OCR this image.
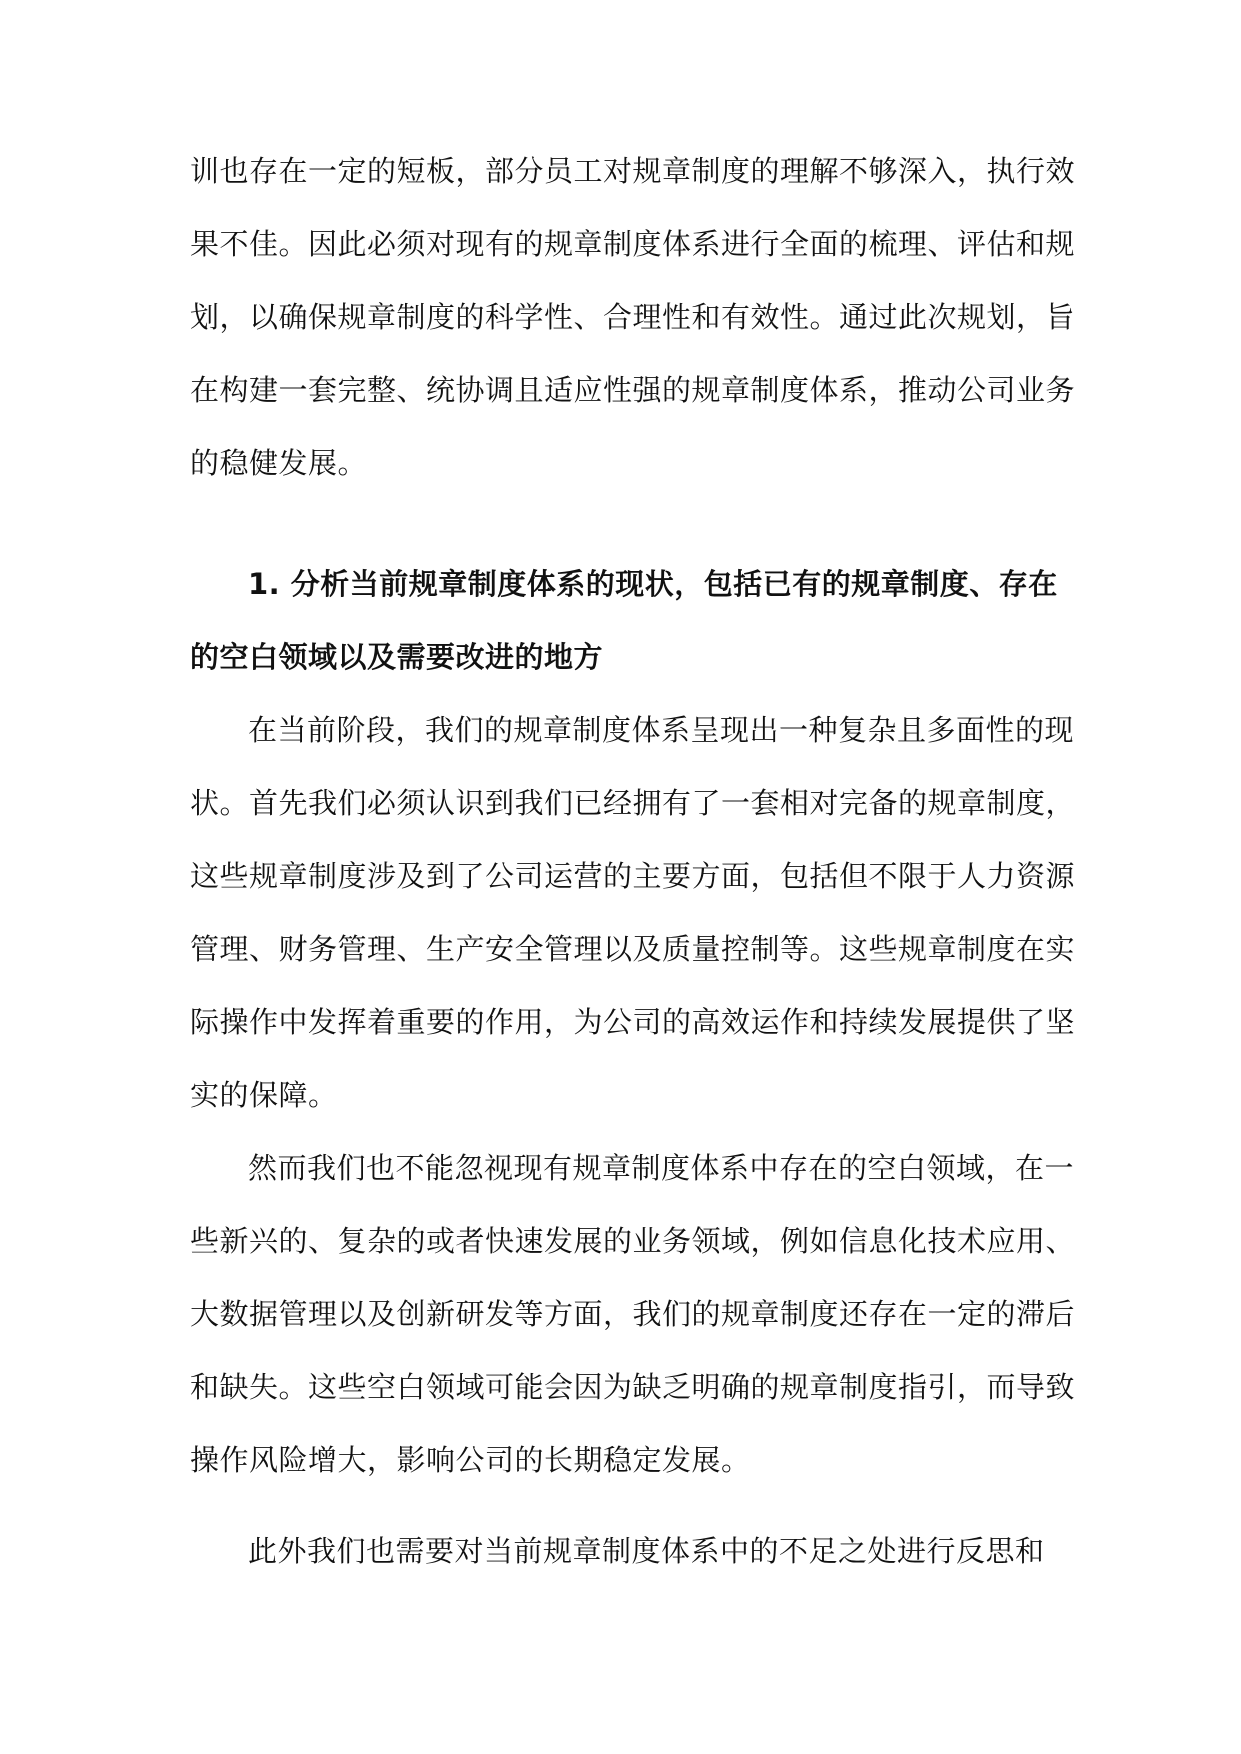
训也存在一定的短板，部分员工对规章制度的理解不够深入，执行效
果不佳。因此必须对现有的规章制度体系进行全面的梳理、评估和规
划，以确保规章制度的科学性、合理性和有效性。通过此次规划，旨
在构建一套完整、统协调且适应性强的规章制度体系，推动公司业务
的稳健发展。
1. 分析当前规章制度体系的现状，包括已有的规章制度、存在
的空白领域以及需要改进的地方
在当前阶段，我们的规章制度体系呈现出一种复杂且多面性的现
状。首先我们必须认识到我们已经拥有了一套相对完备的规章制度，
这些规章制度涉及到了公司运营的主要方面，包括但不限于人力资源
管理、财务管理、生产安全管理以及质量控制等。这些规章制度在实
际操作中发挥着重要的作用，为公司的高效运作和持续发展提供了坚
实的保障。
然而我们也不能忽视现有规章制度体系中存在的空白领域，在一
些新兴的、复杂的或者快速发展的业务领域，例如信息化技术应用、
大数据管理以及创新研发等方面，我们的规章制度还存在一定的滞后
和缺失。这些空白领域可能会因为缺乏明确的规章制度指引，而导致
操作风险增大，影响公司的长期稳定发展。
此外我们也需要对当前规章制度体系中的不足之处进行反思和
